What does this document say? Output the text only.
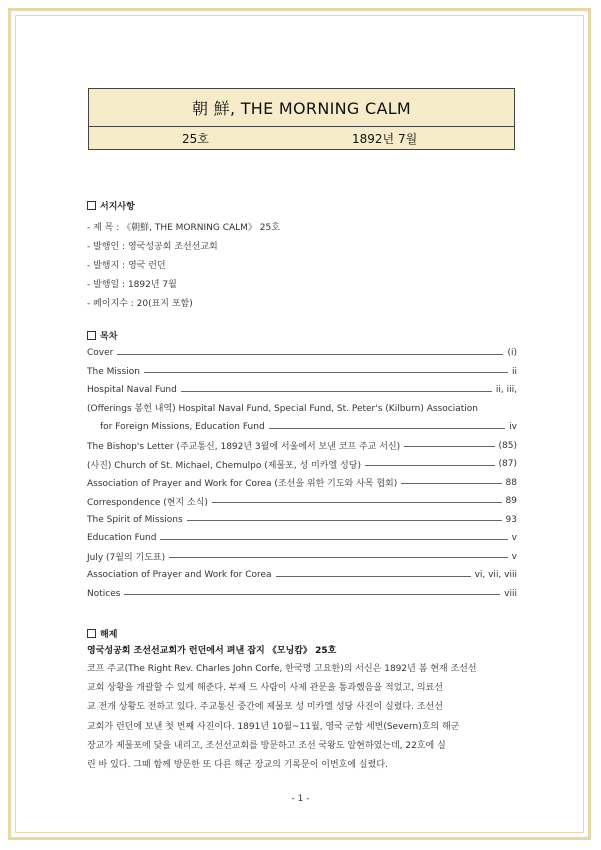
朝 鮮, THE MORNING CALM
25호	1892년 7월
서지사항
- 제 목 : 《朝鮮, THE MORNING CALM》 25호
- 발행인 : 영국성공회 조선선교회
- 발행지 : 영국 런던
- 발행일 : 1892년 7월
- 페이지수 : 20(표지 포함)
목차
Cover	(i)
The Mission	ii
Hospital Naval Fund	ii, iii,
(Offerings 봉헌 내역) Hospital Naval Fund, Special Fund, St. Peter's (Kilburn) Association
for Foreign Missions, Education Fund	iv
The Bishop's Letter (주교통신, 1892년 3월에 서울에서 보낸 코프 주교 서신)	(85)
(사진) Church of St. Michael, Chemulpo (제물포, 성 미카엘 성당)	(87)
Association of Prayer and Work for Corea (조선을 위한 기도와 사목 협회)	88
Correspondence (현지 소식)	89
The Spirit of Missions	93
Education Fund	v
July (7월의 기도표)	v
Association of Prayer and Work for Corea	vi, vii, viii
Notices	viii
해제
영국성공회 조선선교회가 런던에서 펴낸 잡지 《모닝캄》 25호
코프 주교(The Right Rev. Charles John Corfe, 한국명 고요한)의 서신은 1892년 봄 현재 조선선
교회 상황을 개괄할 수 있게 해준다. 부제 드 사람이 사제 관문을 통과했음을 적었고, 의료선
교 전개 상황도 전하고 있다. 주교통신 중간에 제물포 성 미카엘 성당 사진이 실렸다. 조선선
교회가 런던에 보낸 첫 번째 사진이다. 1891년 10월~11월, 영국 군함 세번(Severn)호의 해군
장교가 제물포에 닻을 내리고, 조선선교회를 방문하고 조선 국왕도 알현하였는데, 22호에 실
린 바 있다. 그때 함께 방문한 또 다른 해군 장교의 기록문이 이번호에 실렸다.
- 1 -
